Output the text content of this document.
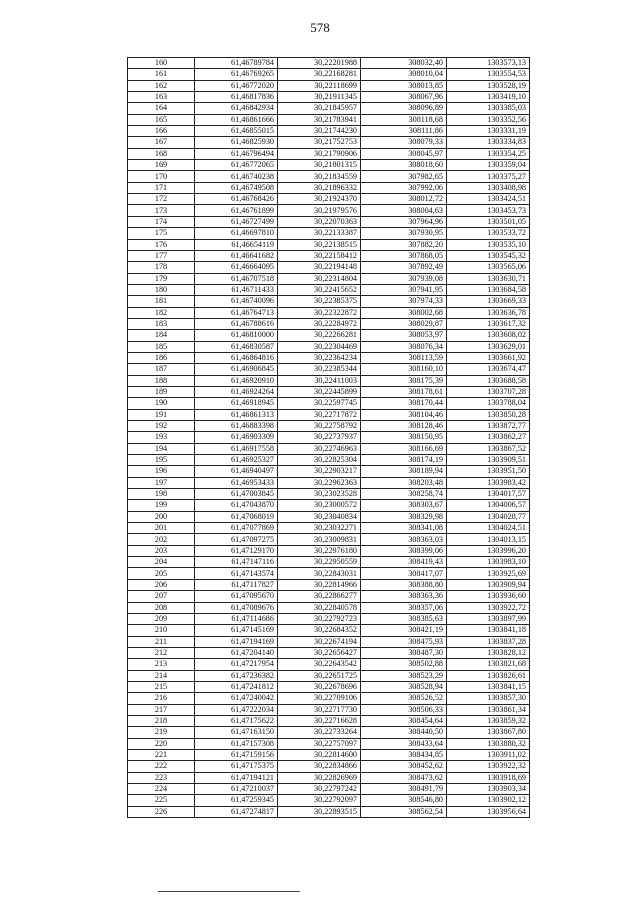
578
160	61,46789784	30,22201988	308032,40	1303573,13
161	61,46769265	30,22168281	308010,04	1303554,53
162	61,46772020	30,22118699	308013,85	1303528,19
163	61,46817836	30,21911345	308067,96	1303419,10
164	61,46842934	30,21845957	308096,89	1303385,03
165	61,46861666	30,21783941	308118,68	1303352,56
166	61,46855015	30,21744230	308111,86	1303331,19
167	61,46825930	30,21752753	308079,33	1303334,83
168	61,46796494	30,21790906	308045,97	1303354,25
169	61,46772065	30,21801315	308018,60	1303359,04
170	61,46740238	30,21834559	307982,65	1303375,27
171	61,46749508	30,21896332	307992,06	1303408,98
172	61,46768426	30,21924370	308012,72	1303424,51
173	61,46761899	30,21979576	308004,63	1303453,73
174	61,46727499	30,22070363	307964,96	1303501,05
175	61,46697810	30,22133387	307930,95	1303533,72
176	61,46654119	30,22138515	307882,20	1303535,10
177	61,46641682	30,22158412	307868,05	1303545,32
178	61,46664095	30,22194148	307892,49	1303565,06
179	61,46707518	30,22314804	307939,08	1303630,71
180	61,46711433	30,22415652	307941,95	1303684,58
181	61,46740096	30,22385375	307974,33	1303669,33
182	61,46764713	30,22322872	308002,68	1303636,78
183	61,46788616	30,22284972	308029,87	1303617,32
184	61,46810000	30,22266281	308053,97	1303608,02
185	61,46830587	30,22304469	308076,34	1303629,01
186	61,46864816	30,22364234	308113,59	1303661,92
187	61,46906845	30,22385344	308160,10	1303674,47
188	61,46920910	30,22411003	308175,39	1303688,58
189	61,46924264	30,22445899	308178,61	1303707,28
190	61,46918945	30,22597745	308170,44	1303788,04
191	61,46861313	30,22717872	308104,46	1303850,28
192	61,46883398	30,22758792	308128,46	1303872,77
193	61,46903309	30,22737937	308150,95	1303862,27
194	61,46917558	30,22746963	308166,69	1303867,52
195	61,46925327	30,22825304	308174,19	1303909,51
196	61,46940497	30,22903217	308189,94	1303951,50
197	61,46953433	30,22962363	308203,48	1303983,42
198	61,47003845	30,23023528	308258,74	1304017,57
199	61,47043870	30,23000572	308303,67	1304006,57
200	61,47068019	30,23040834	308329,98	1304028,77
201	61,47077869	30,23032271	308341,08	1304024,51
202	61,47097275	30,23009831	308363,03	1304013,15
203	61,47129170	30,22976180	308399,06	1303996,20
204	61,47147116	30,22950559	308419,43	1303983,10
205	61,47143574	30,22843031	308417,07	1303925,69
206	61,47117827	30,22814966	308388,80	1303909,94
207	61,47095670	30,22866277	308363,36	1303936,60
208	61,47089676	30,22840578	308357,06	1303922,72
209	61,47114686	30,22792723	308385,63	1303897,99
210	61,47145169	30,22684352	308421,19	1303841,18
211	61,47194169	30,22674194	308475,93	1303837,28
212	61,47204140	30,22656427	308487,30	1303828,12
213	61,47217954	30,22643542	308502,88	1303821,68
214	61,47236382	30,22651725	308523,29	1303826,61
215	61,47241812	30,22678696	308528,94	1303841,15
216	61,47240042	30,22709106	308526,52	1303857,30
217	61,47222034	30,22717730	308506,33	1303861,34
218	61,47175622	30,22716628	308454,64	1303859,32
219	61,47163150	30,22733264	308440,50	1303867,80
220	61,47157308	30,22757097	308433,64	1303880,32
221	61,47159156	30,22814600	308434,85	1303911,02
222	61,47175375	30,22834866	308452,62	1303922,32
223	61,47194121	30,22826969	308473,62	1303918,69
224	61,47210037	30,22797242	308491,79	1303903,34
225	61,47259345	30,22792097	308546,80	1303902,12
226	61,47274817	30,22893515	308562,54	1303956,64
